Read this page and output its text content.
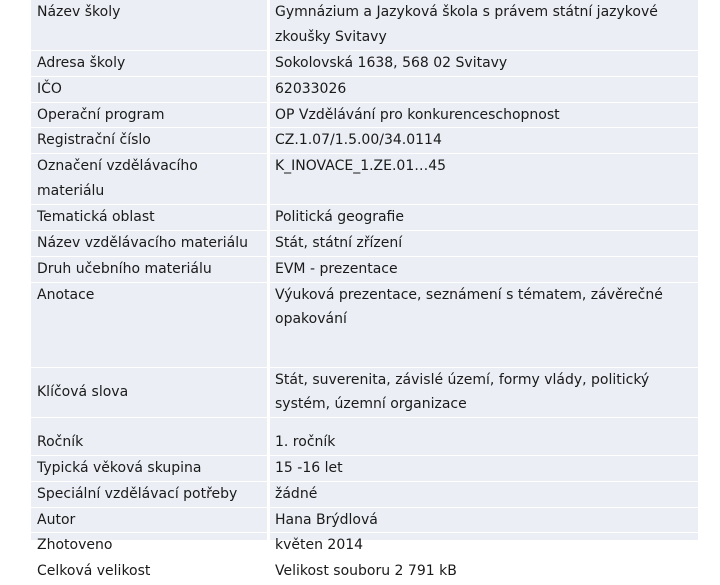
Název školy	Gymnázium a Jazyková škola s právem státní jazykové zkoušky Svitavy
Adresa školy	Sokolovská 1638, 568 02 Svitavy
IČO	62033026
Operační program	OP Vzdělávání pro konkurenceschopnost
Registrační číslo	CZ.1.07/1.5.00/34.0114
Označení vzdělávacího materiálu	K_INOVACE_1.ZE.01…45
Tematická oblast	Politická geografie
Název vzdělávacího materiálu	Stát, státní zřízení
Druh učebního materiálu	EVM - prezentace
Anotace	Výuková prezentace, seznámení s tématem, závěrečné opakování
Klíčová slova	Stát, suverenita, závislé území, formy vlády, politický systém, územní organizace

Ročník	1. ročník
Typická věková skupina	15 -16 let
Speciální vzdělávací potřeby	žádné
Autor	Hana Brýdlová
Zhotoveno	květen 2014
Celková velikost	Velikost souboru 2 791 kB
